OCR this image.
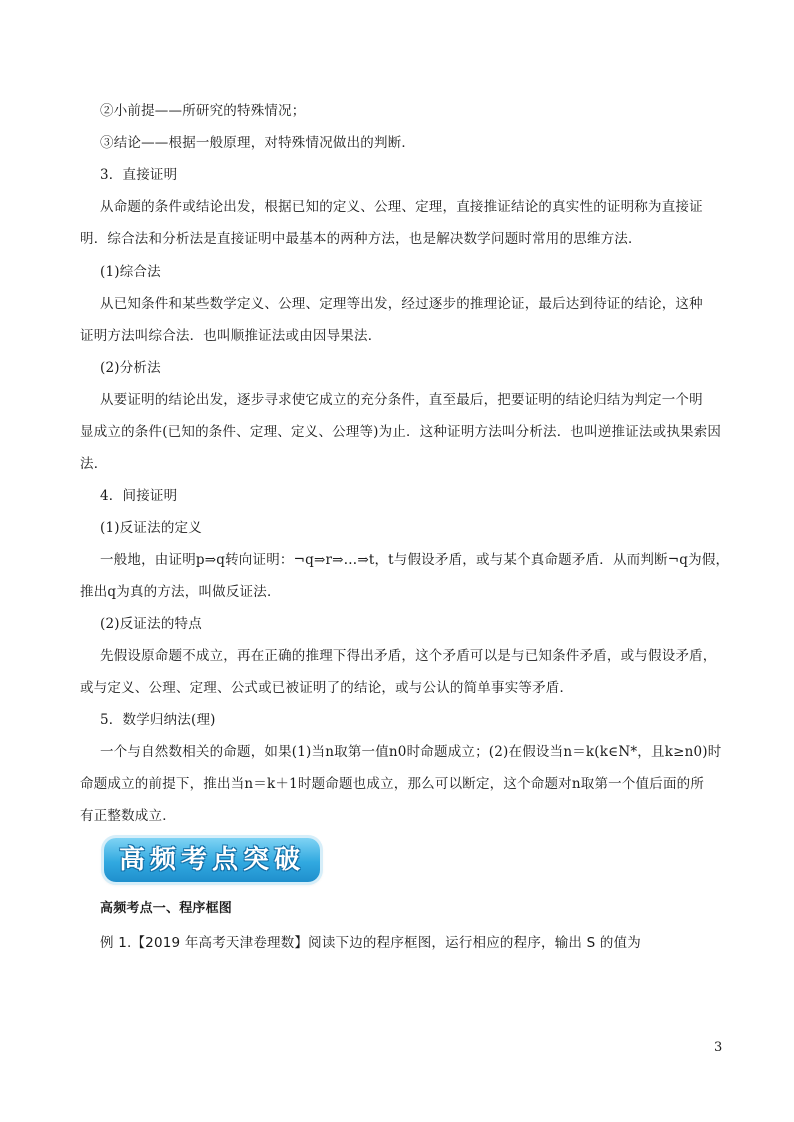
②小前提——所研究的特殊情况；
③结论——根据一般原理，对特殊情况做出的判断．
3．直接证明
从命题的条件或结论出发，根据已知的定义、公理、定理，直接推证结论的真实性的证明称为直接证
明．综合法和分析法是直接证明中最基本的两种方法，也是解决数学问题时常用的思维方法．
(1)综合法
从已知条件和某些数学定义、公理、定理等出发，经过逐步的推理论证，最后达到待证的结论，这种
证明方法叫综合法．也叫顺推证法或由因导果法．
(2)分析法
从要证明的结论出发，逐步寻求使它成立的充分条件，直至最后，把要证明的结论归结为判定一个明
显成立的条件(已知的条件、定理、定义、公理等)为止．这种证明方法叫分析法．也叫逆推证法或执果索因
法．
4．间接证明
(1)反证法的定义
一般地，由证明p⇒q转向证明：¬q⇒r⇒…⇒t，t与假设矛盾，或与某个真命题矛盾．从而判断¬q为假，
推出q为真的方法，叫做反证法．
(2)反证法的特点
先假设原命题不成立，再在正确的推理下得出矛盾，这个矛盾可以是与已知条件矛盾，或与假设矛盾，
或与定义、公理、定理、公式或已被证明了的结论，或与公认的简单事实等矛盾．
5．数学归纳法(理)
一个与自然数相关的命题，如果(1)当n取第一值n0时命题成立；(2)在假设当n＝k(k∈N*，且k≥n0)时
命题成立的前提下，推出当n＝k＋1时题命题也成立，那么可以断定，这个命题对n取第一个值后面的所
有正整数成立．
高频考点突破
高频考点一、程序框图
例 1.【2019 年高考天津卷理数】阅读下边的程序框图，运行相应的程序，输出 S 的值为
3
